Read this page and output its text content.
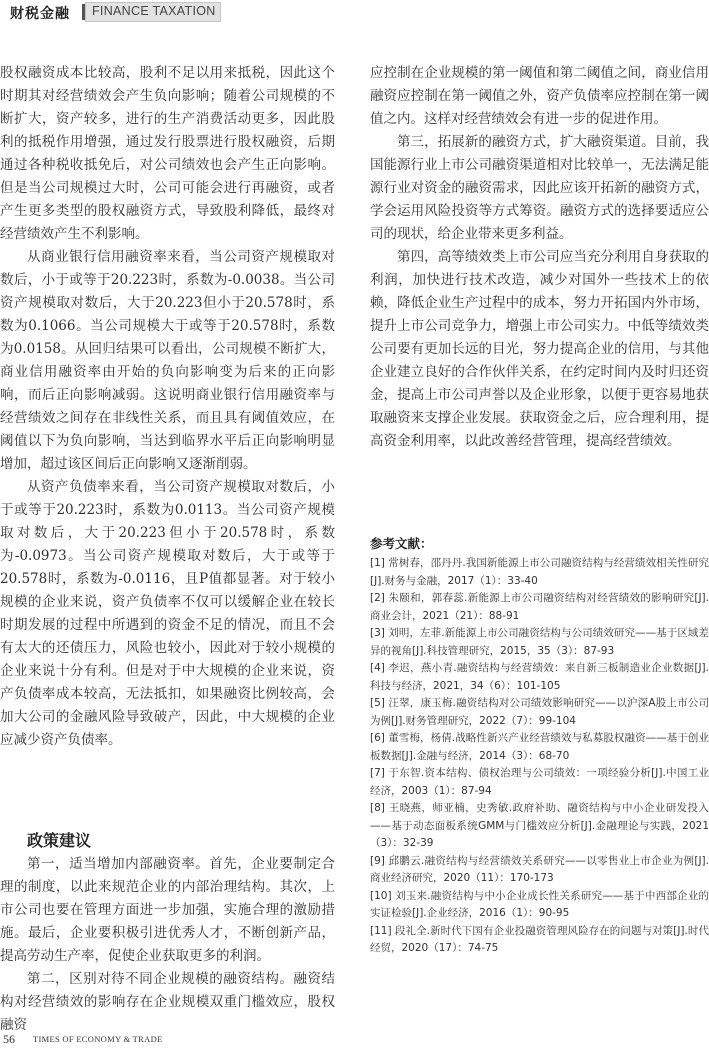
财税金融 FINANCE TAXATION

股权融资成本比较高，股利不足以用来抵税，因此这个时期其对经营绩效会产生负向影响；随着公司规模的不断扩大，资产较多，进行的生产消费活动更多，因此股利的抵税作用增强，通过发行股票进行股权融资，后期通过各种税收抵免后，对公司绩效也会产生正向影响。但是当公司规模过大时，公司可能会进行再融资，或者产生更多类型的股权融资方式，导致股利降低，最终对经营绩效产生不利影响。

从商业银行信用融资率来看，当公司资产规模取对数后，小于或等于20.223时，系数为-0.0038。当公司资产规模取对数后，大于20.223但小于20.578时，系数为0.1066。当公司规模大于或等于20.578时，系数为0.0158。从回归结果可以看出，公司规模不断扩大，商业信用融资率由开始的负向影响变为后来的正向影响，而后正向影响减弱。这说明商业银行信用融资率与经营绩效之间存在非线性关系，而且具有阈值效应，在阈值以下为负向影响，当达到临界水平后正向影响明显增加，超过该区间后正向影响又逐渐削弱。

从资产负债率来看，当公司资产规模取对数后，小于或等于20.223时，系数为0.0113。当公司资产规模取对数后，大于20.223但小于20.578时，系数为-0.0973。当公司资产规模取对数后，大于或等于20.578时，系数为-0.0116，且P值都显著。对于较小规模的企业来说，资产负债率不仅可以缓解企业在较长时期发展的过程中所遇到的资金不足的情况，而且不会有太大的还债压力，风险也较小，因此对于较小规模的企业来说十分有利。但是对于中大规模的企业来说，资产负债率成本较高，无法抵扣，如果融资比例较高，会加大公司的金融风险导致破产，因此，中大规模的企业应减少资产负债率。

政策建议

第一，适当增加内部融资率。首先，企业要制定合理的制度，以此来规范企业的内部治理结构。其次，上市公司也要在管理方面进一步加强，实施合理的激励措施。最后，企业要积极引进优秀人才，不断创新产品，提高劳动生产率，促使企业获取更多的利润。

第二，区别对待不同企业规模的融资结构。融资结构对经营绩效的影响存在企业规模双重门槛效应，股权融资

应控制在企业规模的第一阈值和第二阈值之间，商业信用融资应控制在第一阈值之外，资产负债率应控制在第一阈值之内。这样对经营绩效会有进一步的促进作用。

第三，拓展新的融资方式，扩大融资渠道。目前，我国能源行业上市公司融资渠道相对比较单一，无法满足能源行业对资金的融资需求，因此应该开拓新的融资方式，学会运用风险投资等方式筹资。融资方式的选择要适应公司的现状，给企业带来更多利益。

第四，高等绩效类上市公司应当充分利用自身获取的利润，加快进行技术改造，减少对国外一些技术上的依赖，降低企业生产过程中的成本，努力开拓国内外市场，提升上市公司竞争力，增强上市公司实力。中低等绩效类公司要有更加长远的目光，努力提高企业的信用，与其他企业建立良好的合作伙伴关系，在约定时间内及时归还资金，提高上市公司声誉以及企业形象，以便于更容易地获取融资来支撑企业发展。获取资金之后，应合理利用，提高资金利用率，以此改善经营管理，提高经营绩效。

参考文献：
[1] 常树春，邵丹丹.我国新能源上市公司融资结构与经营绩效相关性研究[J].财务与金融，2017（1）：33-40
[2] 朱颐和，郭春蕊.新能源上市公司融资结构对经营绩效的影响研究[J].商业会计，2021（21）：88-91
[3] 刘明，左菲.新能源上市公司融资结构与公司绩效研究——基于区域差异的视角[J].科技管理研究，2015，35（3）：87-93
[4] 李迟，燕小青.融资结构与经营绩效：来自新三板制造业企业数据[J].科技与经济，2021，34（6）：101-105
[5] 汪翠，康玉梅.融资结构对公司绩效影响研究——以沪深A股上市公司为例[J].财务管理研究，2022（7）：99-104
[6] 董雪梅，杨倩.战略性新兴产业经营绩效与私募股权融资——基于创业板数据[J].金融与经济，2014（3）：68-70
[7] 于东智.资本结构、债权治理与公司绩效：一项经验分析[J].中国工业经济，2003（1）：87-94
[8] 王晓燕，师亚楠，史秀敏.政府补助、融资结构与中小企业研发投入——基于动态面板系统GMM与门槛效应分析[J].金融理论与实践，2021（3）：32-39
[9] 邱鹏云.融资结构与经营绩效关系研究——以零售业上市企业为例[J].商业经济研究，2020（11）：170-173
[10] 刘玉来.融资结构与中小企业成长性关系研究——基于中西部企业的实证检验[J].企业经济，2016（1）：90-95
[11] 段礼全.新时代下国有企业投融资管理风险存在的问题与对策[J].时代经贸，2020（17）：74-75
56 TIMES OF ECONOMY & TRADE
